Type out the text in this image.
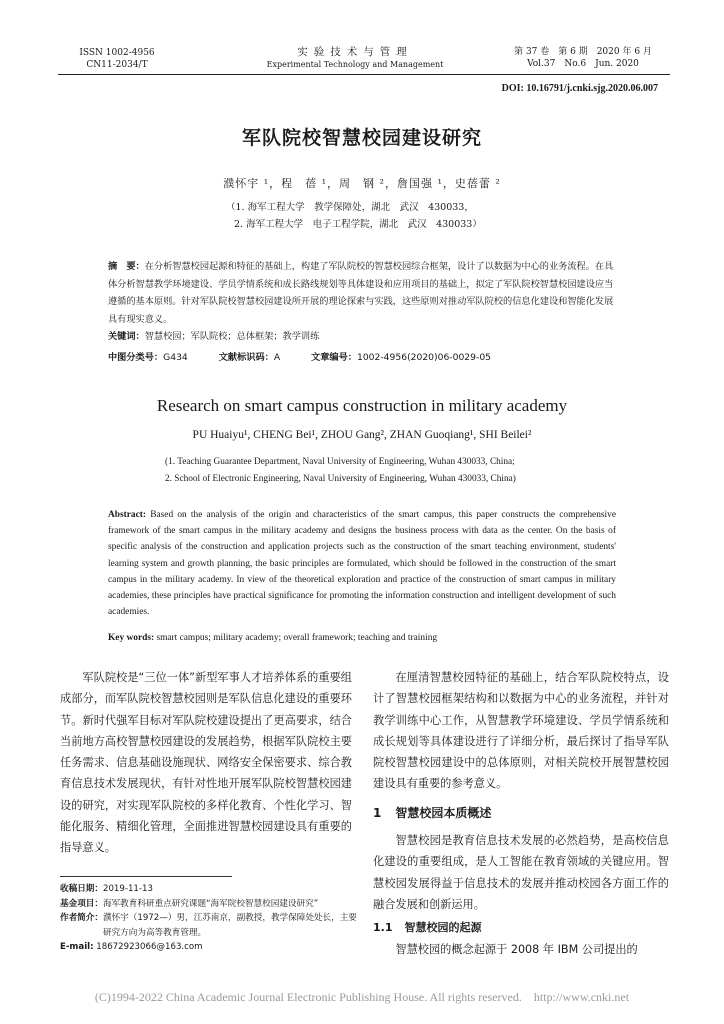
ISSN 1002-4956
CN11-2034/T
实验技术与管理
Experimental Technology and Management
第 37 卷　第 6 期　2020 年 6 月
Vol.37　No.6　Jun. 2020
DOI: 10.16791/j.cnki.sjg.2020.06.007
军队院校智慧校园建设研究
濮怀宇 ¹，程　蓓 ¹，周　钢 ²，詹国强 ¹，史蓓蕾 ²
（1. 海军工程大学　教学保障处，湖北　武汉　430033，
2. 海军工程大学　电子工程学院，湖北　武汉　430033）
摘　要：在分析智慧校园起源和特征的基础上，构建了军队院校的智慧校园综合框架，设计了以数据为中心的业务流程。在具体分析智慧教学环境建设、学员学情系统和成长路线规划等具体建设和应用项目的基础上，拟定了军队院校智慧校园建设应当遵循的基本原则。针对军队院校智慧校园建设所开展的理论探索与实践，这些原则对推动军队院校的信息化建设和智能化发展具有现实意义。
关键词：智慧校园；军队院校；总体框架；教学训练
中图分类号：G434	文献标识码：A	文章编号：1002-4956(2020)06-0029-05
Research on smart campus construction in military academy
PU Huaiyu¹, CHENG Bei¹, ZHOU Gang², ZHAN Guoqiang¹, SHI Beilei²
(1. Teaching Guarantee Department, Naval University of Engineering, Wuhan 430033, China;
2. School of Electronic Engineering, Naval University of Engineering, Wuhan 430033, China)
Abstract: Based on the analysis of the origin and characteristics of the smart campus, this paper constructs the comprehensive framework of the smart campus in the military academy and designs the business process with data as the center. On the basis of specific analysis of the construction and application projects such as the construction of the smart teaching environment, students' learning system and growth planning, the basic principles are formulated, which should be followed in the construction of the smart campus in the military academy. In view of the theoretical exploration and practice of the construction of smart campus in military academies, these principles have practical significance for promoting the information construction and intelligent development of such academies.
Key words: smart campus; military academy; overall framework; teaching and training

军队院校是“三位一体”新型军事人才培养体系的重要组成部分，而军队院校智慧校园则是军队信息化建设的重要环节。新时代强军目标对军队院校建设提出了更高要求，结合当前地方高校智慧校园建设的发展趋势，根据军队院校主要任务需求、信息基础设施现状、网络安全保密要求、综合教育信息技术发展现状，有针对性地开展军队院校智慧校园建设的研究，对实现军队院校的多样化教育、个性化学习、智能化服务、精细化管理，全面推进智慧校园建设具有重要的指导意义。

收稿日期：2019-11-13
基金项目： 海军教育科研重点研究课题“海军院校智慧校园建设研究”
作者简介： 濮怀宇（1972—）男，江苏南京，副教授，教学保障处处长，主要研究方向为高等教育管理。
E-mail: 18672923066@163.com

在厘清智慧校园特征的基础上，结合军队院校特点，设计了智慧校园框架结构和以数据为中心的业务流程，并针对教学训练中心工作，从智慧教学环境建设、学员学情系统和成长规划等具体建设进行了详细分析，最后探讨了指导军队院校智慧校园建设中的总体原则，对相关院校开展智慧校园建设具有重要的参考意义。

1 智慧校园本质概述

智慧校园是教育信息技术发展的必然趋势，是高校信息化建设的重要组成，是人工智能在教育领域的关键应用。智慧校园发展得益于信息技术的发展并推动校园各方面工作的融合发展和创新运用。

1.1 智慧校园的起源

智慧校园的概念起源于 2008 年 IBM 公司提出的

(C)1994-2022 China Academic Journal Electronic Publishing House. All rights reserved.　http://www.cnki.net
